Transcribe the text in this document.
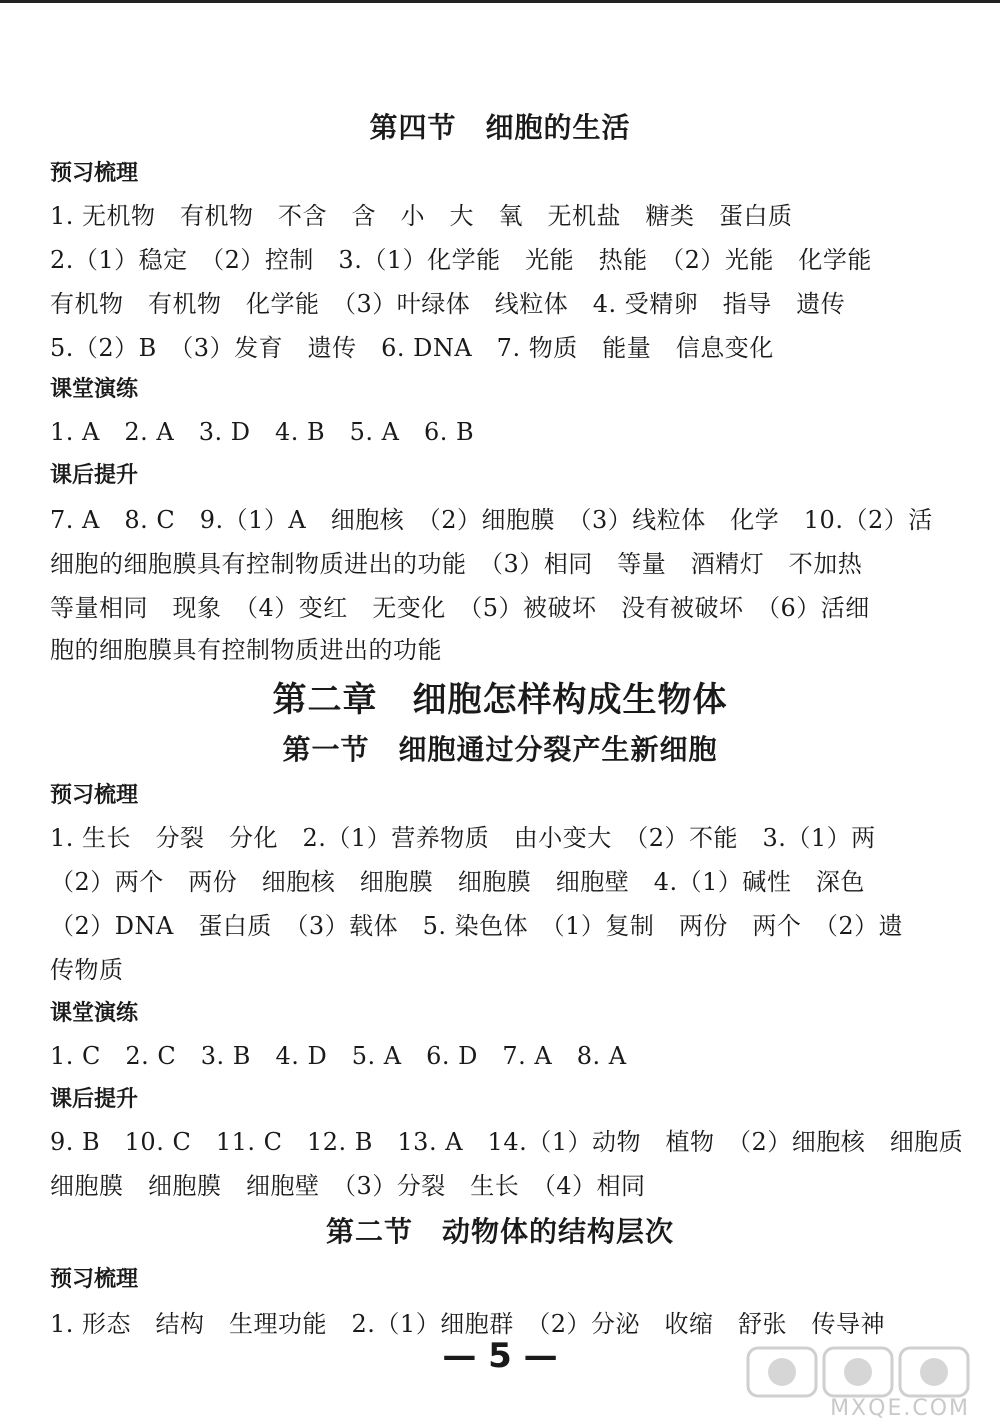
第四节　细胞的生活
预习梳理
1. 无机物　有机物　不含　含　小　大　氧　无机盐　糖类　蛋白质
2.（1）稳定　（2）控制　3.（1）化学能　光能　热能　（2）光能　化学能
有机物　有机物　化学能　（3）叶绿体　线粒体　4. 受精卵　指导　遗传
5.（2）B　（3）发育　遗传　6. DNA　7. 物质　能量　信息变化
课堂演练
1. A　2. A　3. D　4. B　5. A　6. B
课后提升
7. A　8. C　9.（1）A　细胞核　（2）细胞膜　（3）线粒体　化学　10.（2）活
细胞的细胞膜具有控制物质进出的功能　（3）相同　等量　酒精灯　不加热
等量相同　现象　（4）变红　无变化　（5）被破坏　没有被破坏　（6）活细
胞的细胞膜具有控制物质进出的功能
第二章　细胞怎样构成生物体
第一节　细胞通过分裂产生新细胞
预习梳理
1. 生长　分裂　分化　2.（1）营养物质　由小变大　（2）不能　3.（1）两
（2）两个　两份　细胞核　细胞膜　细胞膜　细胞壁　4.（1）碱性　深色
（2）DNA　蛋白质　（3）载体　5. 染色体　（1）复制　两份　两个　（2）遗
传物质
课堂演练
1. C　2. C　3. B　4. D　5. A　6. D　7. A　8. A
课后提升
9. B　10. C　11. C　12. B　13. A　14.（1）动物　植物　（2）细胞核　细胞质
细胞膜　细胞膜　细胞壁　（3）分裂　生长　（4）相同
第二节　动物体的结构层次
预习梳理
1. 形态　结构　生理功能　2.（1）细胞群　（2）分泌　收缩　舒张　传导神
— 5 —
MXQE.COM
